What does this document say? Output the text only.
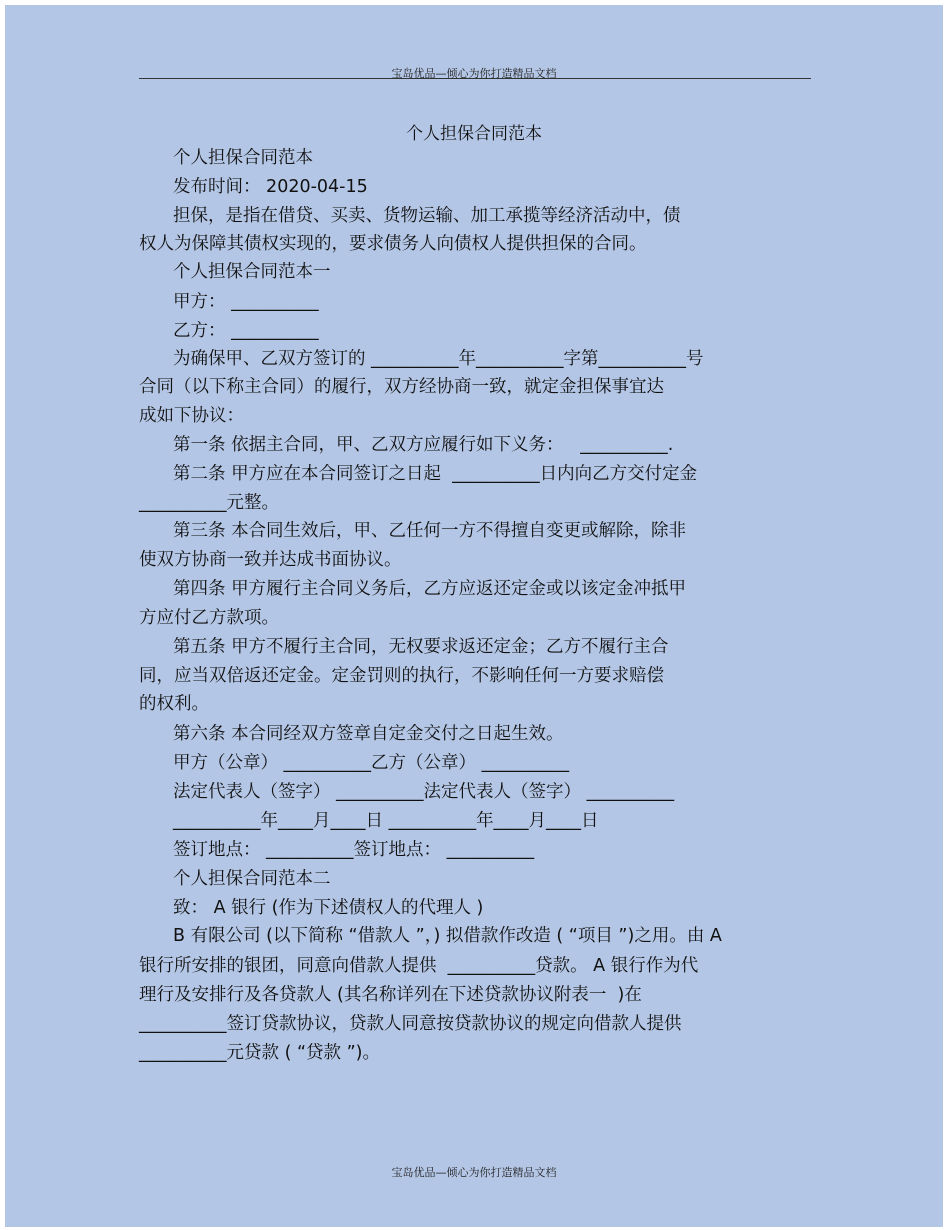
宝岛优品—倾心为你打造精品文档
个人担保合同范本
个人担保合同范本
发布时间： 2020-04-15
担保，是指在借贷、买卖、货物运输、加工承揽等经济活动中，债
权人为保障其债权实现的，要求债务人向债权人提供担保的合同。
个人担保合同范本一
甲方： __________
乙方： __________
为确保甲、乙双方签订的 __________年__________字第__________号
合同（以下称主合同）的履行，双方经协商一致，就定金担保事宜达
成如下协议：
第一条 依据主合同，甲、乙双方应履行如下义务：   __________.
第二条 甲方应在本合同签订之日起  __________日内向乙方交付定金
__________元整。
第三条 本合同生效后，甲、乙任何一方不得擅自变更或解除，除非
使双方协商一致并达成书面协议。
第四条 甲方履行主合同义务后，乙方应返还定金或以该定金冲抵甲
方应付乙方款项。
第五条 甲方不履行主合同，无权要求返还定金；乙方不履行主合
同，应当双倍返还定金。定金罚则的执行，不影响任何一方要求赔偿
的权利。
第六条 本合同经双方签章自定金交付之日起生效。
甲方（公章） __________乙方（公章） __________
法定代表人（签字） __________法定代表人（签字） __________
__________年____月____日 __________年____月____日
签订地点： __________签订地点： __________
个人担保合同范本二
致： A 银行 (作为下述债权人的代理人 )
B 有限公司 (以下简称 “借款人 ”，) 拟借款作改造 ( “项目 ”)之用。由 A
银行所安排的银团，同意向借款人提供  __________贷款。 A 银行作为代
理行及安排行及各贷款人 (其名称详列在下述贷款协议附表一  )在
__________签订贷款协议，贷款人同意按贷款协议的规定向借款人提供
__________元贷款 ( “贷款 ”)。
宝岛优品—倾心为你打造精品文档
